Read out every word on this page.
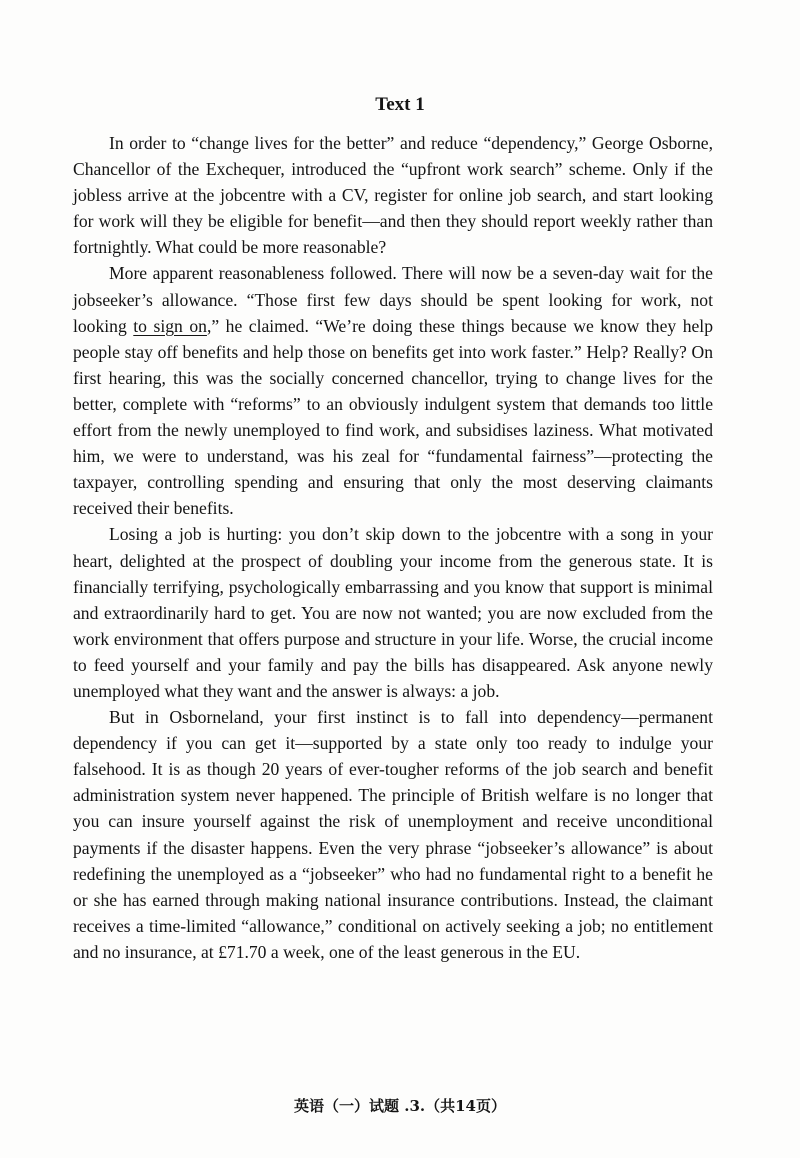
Text 1

In order to “change lives for the better” and reduce “dependency,” George Osborne, Chancellor of the Exchequer, introduced the “upfront work search” scheme. Only if the jobless arrive at the jobcentre with a CV, register for online job search, and start looking for work will they be eligible for benefit—and then they should report weekly rather than fortnightly. What could be more reasonable?

More apparent reasonableness followed. There will now be a seven-day wait for the jobseeker’s allowance. “Those first few days should be spent looking for work, not looking to sign on,” he claimed. “We’re doing these things because we know they help people stay off benefits and help those on benefits get into work faster.” Help? Really? On first hearing, this was the socially concerned chancellor, trying to change lives for the better, complete with “reforms” to an obviously indulgent system that demands too little effort from the newly unemployed to find work, and subsidises laziness. What motivated him, we were to understand, was his zeal for “fundamental fairness”—protecting the taxpayer, controlling spending and ensuring that only the most deserving claimants received their benefits.

Losing a job is hurting: you don’t skip down to the jobcentre with a song in your heart, delighted at the prospect of doubling your income from the generous state. It is financially terrifying, psychologically embarrassing and you know that support is minimal and extraordinarily hard to get. You are now not wanted; you are now excluded from the work environment that offers purpose and structure in your life. Worse, the crucial income to feed yourself and your family and pay the bills has disappeared. Ask anyone newly unemployed what they want and the answer is always: a job.

But in Osborneland, your first instinct is to fall into dependency—permanent dependency if you can get it—supported by a state only too ready to indulge your falsehood. It is as though 20 years of ever-tougher reforms of the job search and benefit administration system never happened. The principle of British welfare is no longer that you can insure yourself against the risk of unemployment and receive unconditional payments if the disaster happens. Even the very phrase “jobseeker’s allowance” is about redefining the unemployed as a “jobseeker” who had no fundamental right to a benefit he or she has earned through making national insurance contributions. Instead, the claimant receives a time-limited “allowance,” conditional on actively seeking a job; no entitlement and no insurance, at £71.70 a week, one of the least generous in the EU.

英语（一）试题 .3.（共14页）
